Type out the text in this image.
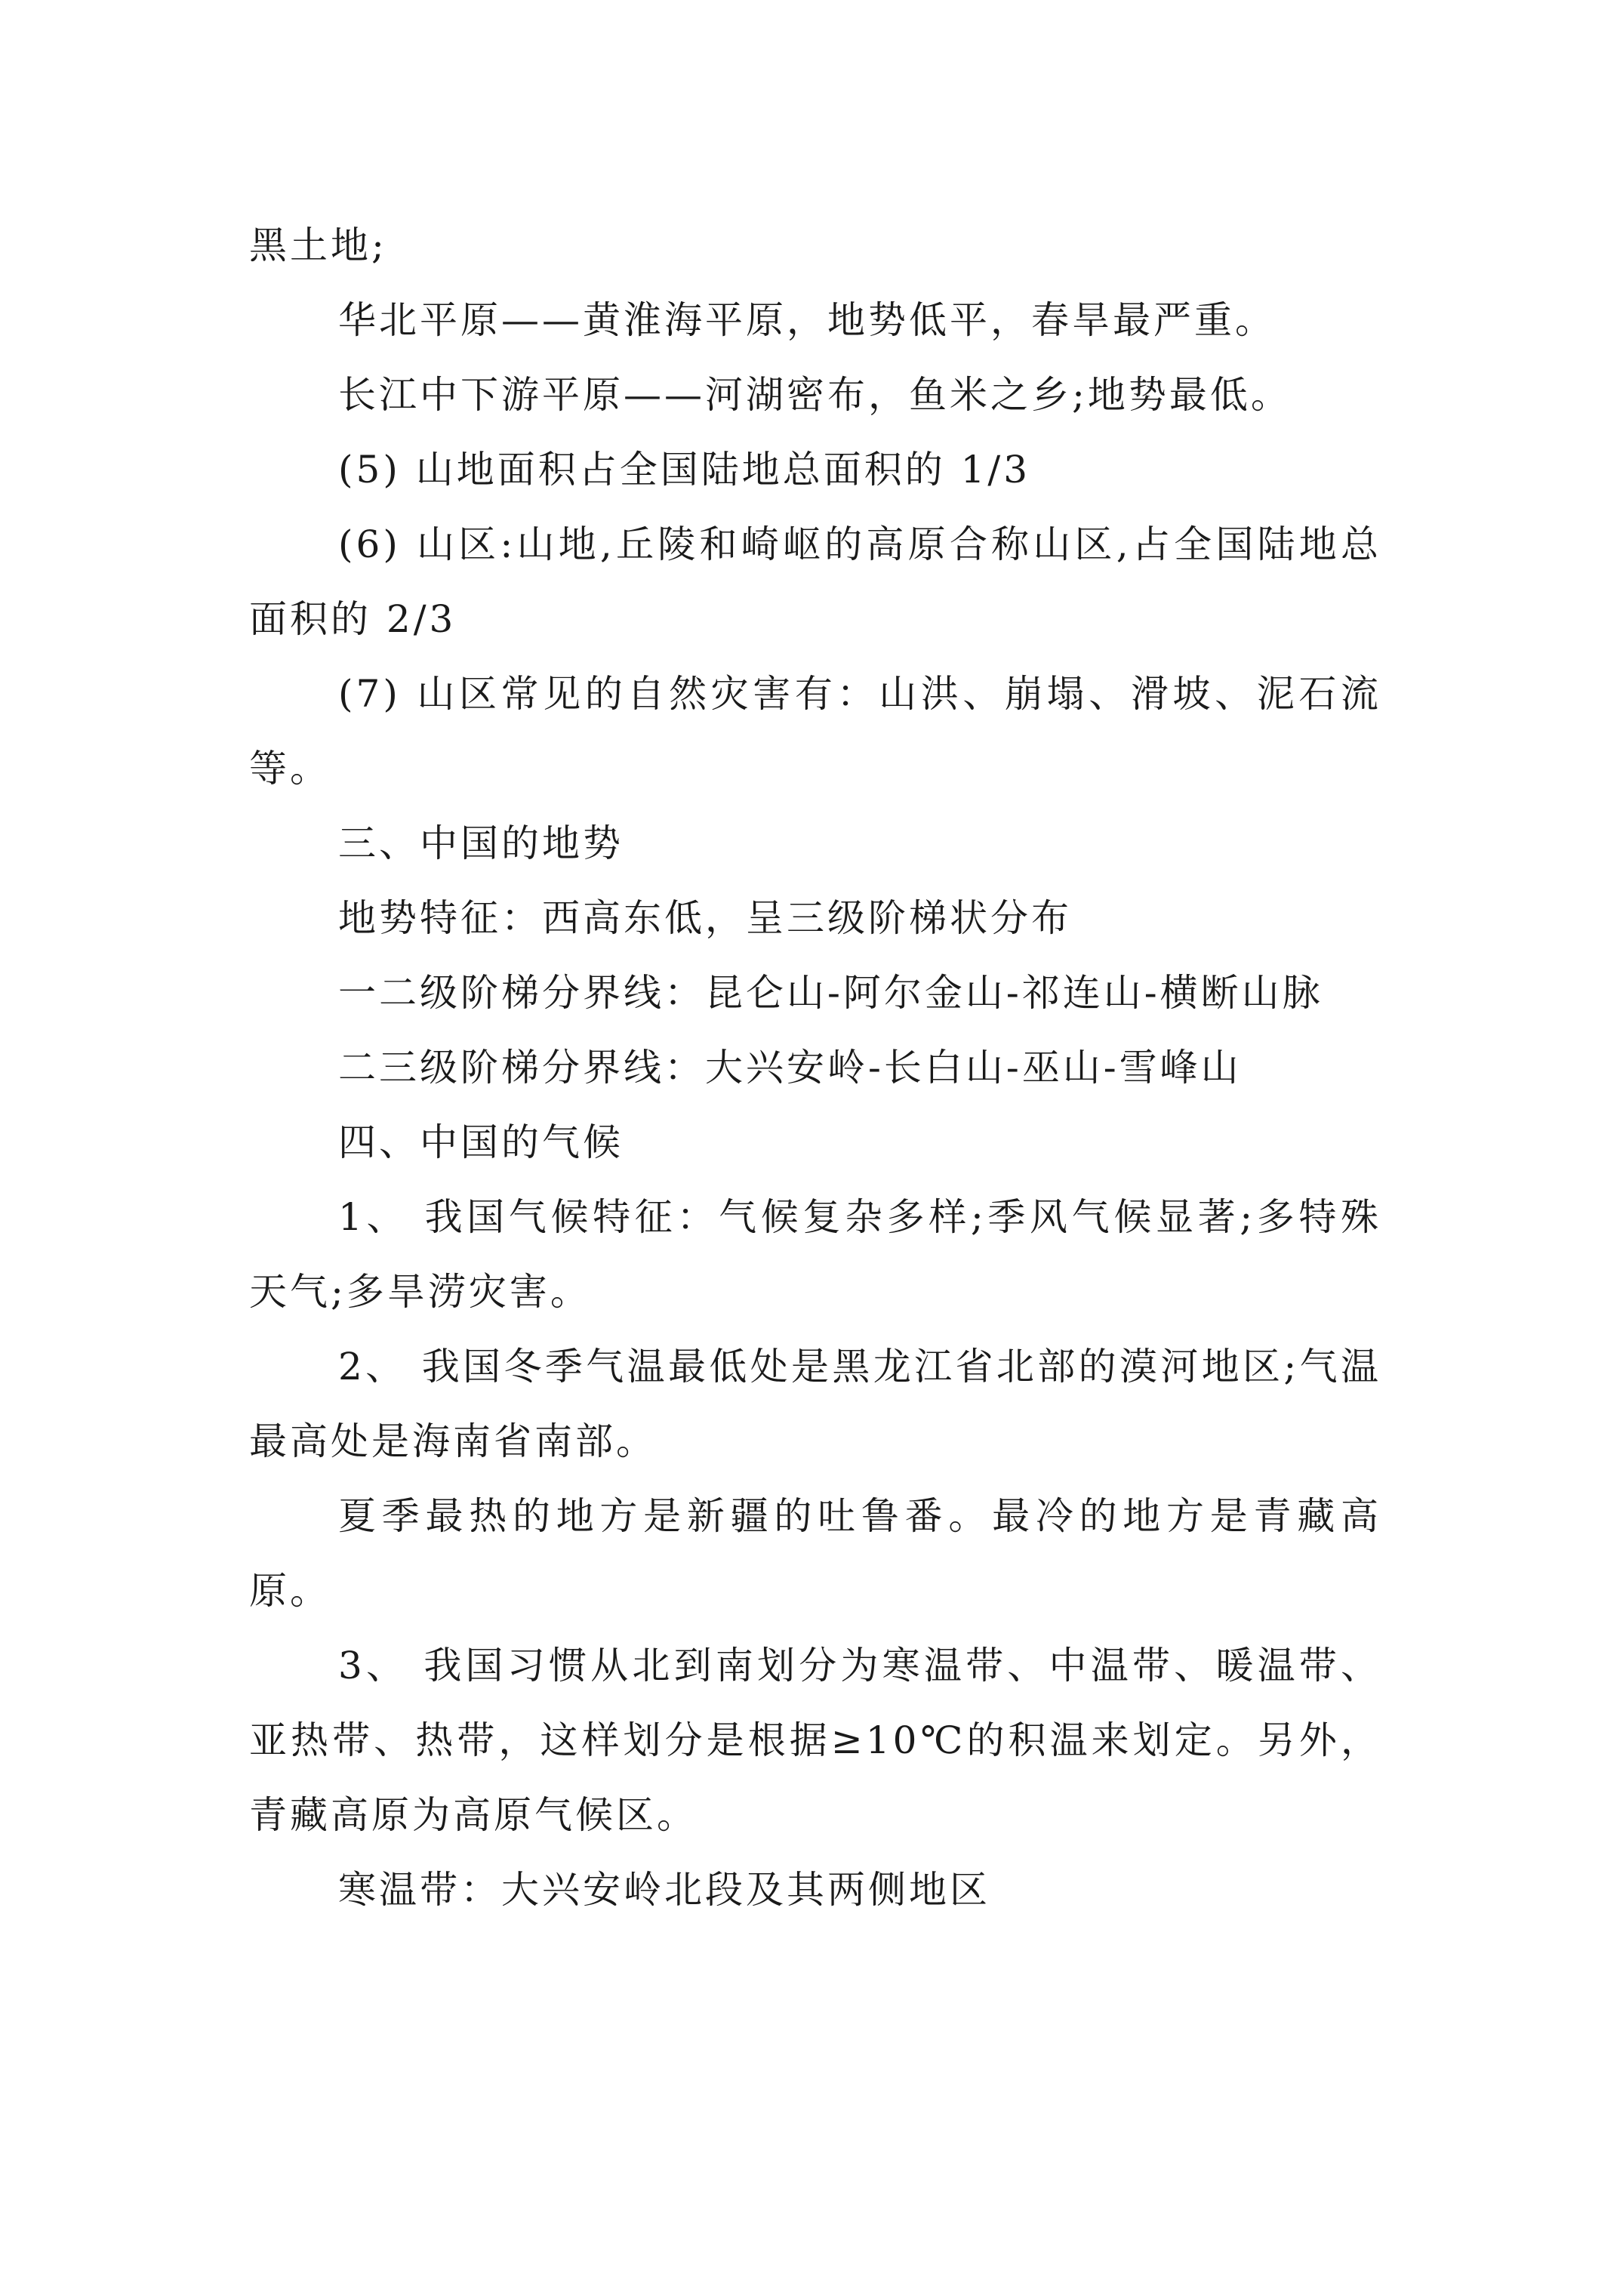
黑土地;

华北平原——黄淮海平原，地势低平，春旱最严重。

长江中下游平原——河湖密布，鱼米之乡;地势最低。

(5) 山地面积占全国陆地总面积的 1/3

(6) 山区:山地,丘陵和崎岖的高原合称山区,占全国陆地总面积的 2/3

(7) 山区常见的自然灾害有：山洪、崩塌、滑坡、泥石流等。

三、中国的地势

地势特征：西高东低，呈三级阶梯状分布

一二级阶梯分界线：昆仑山-阿尔金山-祁连山-横断山脉

二三级阶梯分界线：大兴安岭-长白山-巫山-雪峰山

四、中国的气候

1、 我国气候特征：气候复杂多样;季风气候显著;多特殊天气;多旱涝灾害。

2、 我国冬季气温最低处是黑龙江省北部的漠河地区;气温最高处是海南省南部。

夏季最热的地方是新疆的吐鲁番。最冷的地方是青藏高原。

3、 我国习惯从北到南划分为寒温带、中温带、暖温带、亚热带、热带，这样划分是根据≥10℃的积温来划定。另外，青藏高原为高原气候区。

寒温带：大兴安岭北段及其两侧地区
